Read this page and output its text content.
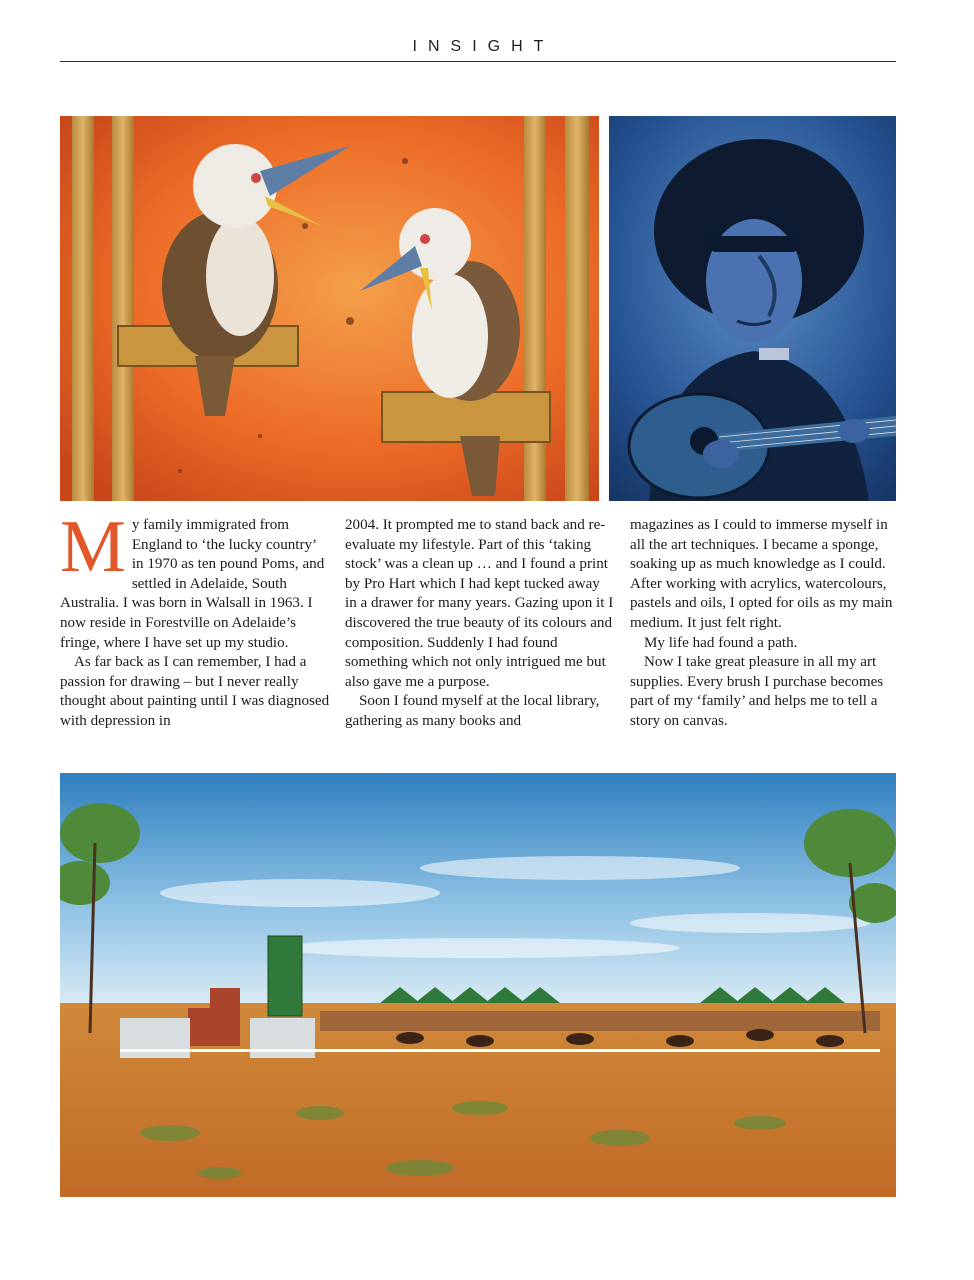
INSIGHT

My family immigrated from England to ‘the lucky country’ in 1970 as ten pound Poms, and settled in Adelaide, South Australia. I was born in Walsall in 1963. I now reside in Forestville on Adelaide’s fringe, where I have set up my studio.

As far back as I can remember, I had a passion for drawing – but I never really thought about painting until I was diagnosed with depression in

2004. It prompted me to stand back and re-evaluate my lifestyle. Part of this ‘taking stock’ was a clean up … and I found a print by Pro Hart which I had kept tucked away in a drawer for many years. Gazing upon it I discovered the true beauty of its colours and composition. Suddenly I had found something which not only intrigued me but also gave me a purpose.

Soon I found myself at the local library, gathering as many books and

magazines as I could to immerse myself in all the art techniques. I became a sponge, soaking up as much knowledge as I could. After working with acrylics, watercolours, pastels and oils, I opted for oils as my main medium. It just felt right.

My life had found a path.

Now I take great pleasure in all my art supplies. Every brush I purchase becomes part of my ‘family’ and helps me to tell a story on canvas.
